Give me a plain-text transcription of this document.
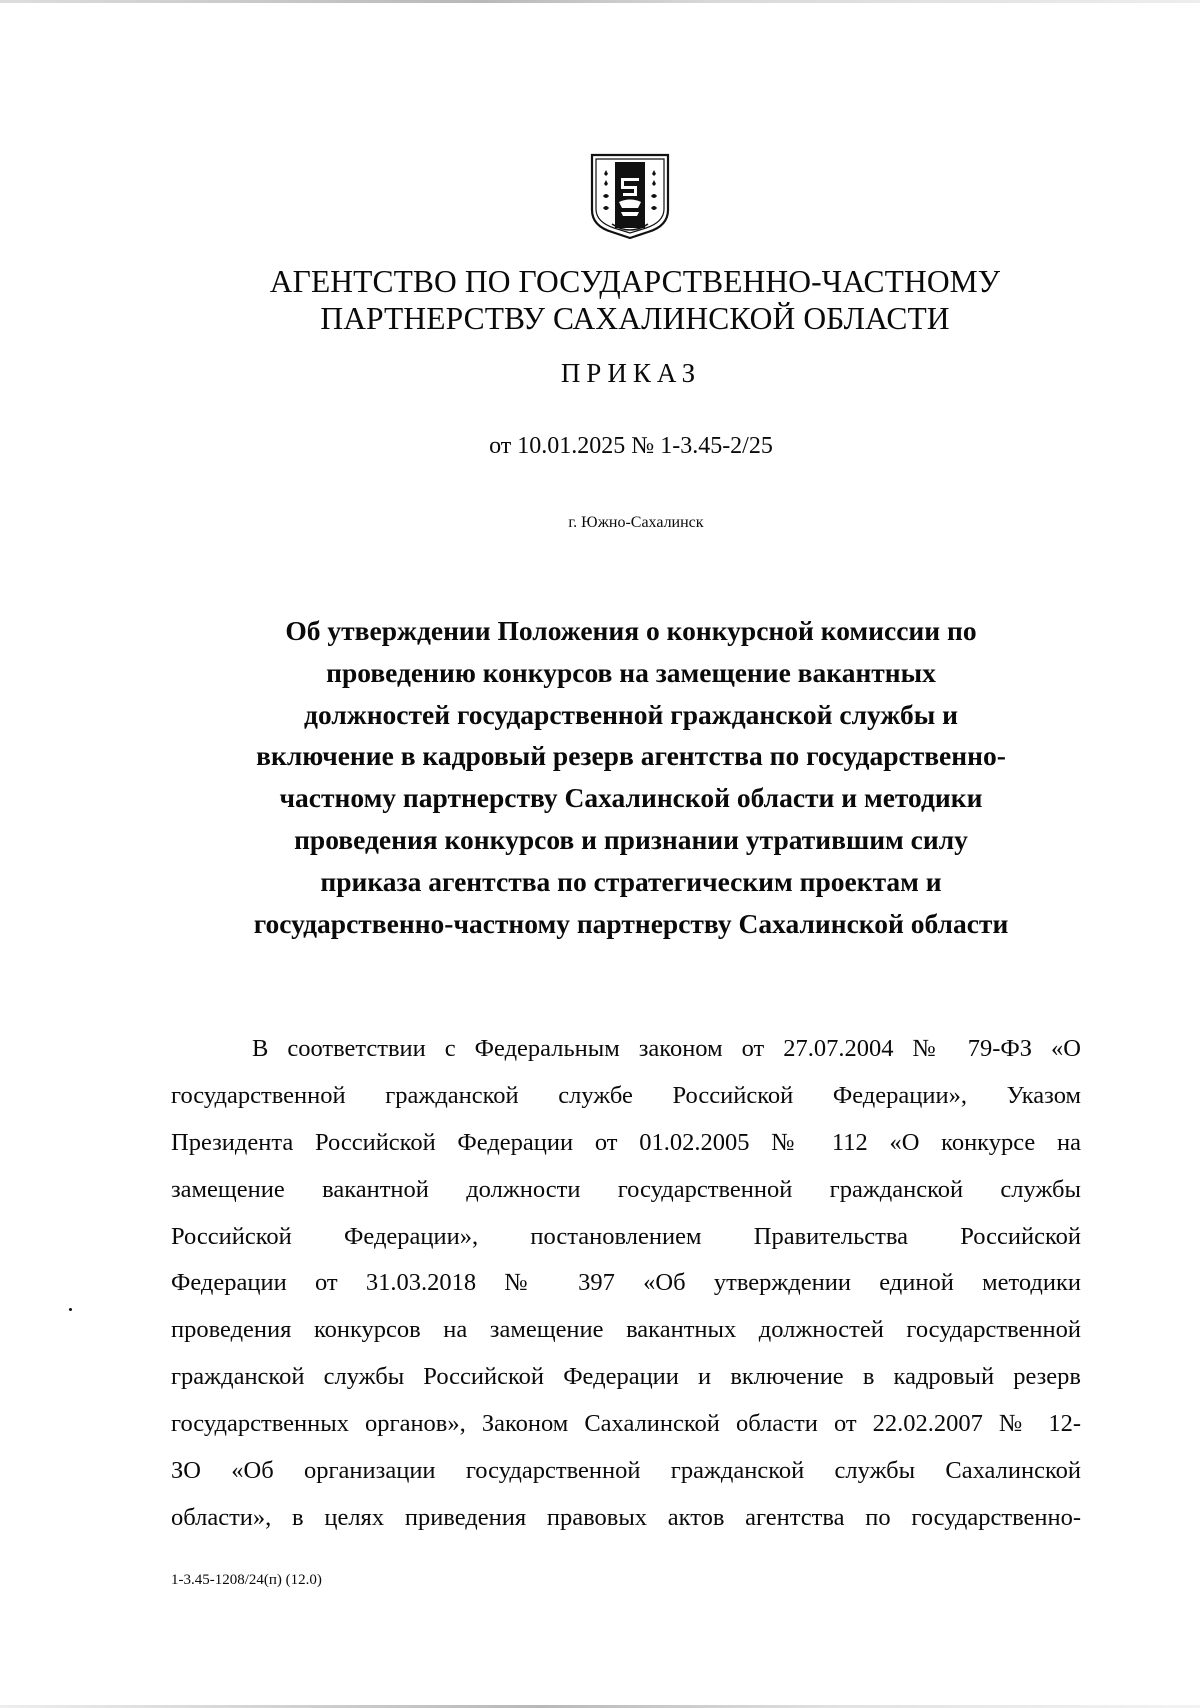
АГЕНТСТВО ПО ГОСУДАРСТВЕННО-ЧАСТНОМУ
ПАРТНЕРСТВУ САХАЛИНСКОЙ ОБЛАСТИ
ПРИКАЗ
от 10.01.2025 № 1-3.45-2/25
г. Южно-Сахалинск
Об утверждении Положения о конкурсной комиссии по
проведению конкурсов на замещение вакантных
должностей государственной гражданской службы и
включение в кадровый резерв агентства по государственно-
частному партнерству Сахалинской области и методики
проведения конкурсов и признании утратившим силу
приказа агентства по стратегическим проектам и
государственно-частному партнерству Сахалинской области
В соответствии с Федеральным законом от 27.07.2004 № 79-ФЗ «О
государственной гражданской службе Российской Федерации», Указом
Президента Российской Федерации от 01.02.2005 № 112 «О конкурсе на
замещение вакантной должности государственной гражданской службы
Российской Федерации», постановлением Правительства Российской
Федерации от 31.03.2018 № 397 «Об утверждении единой методики
проведения конкурсов на замещение вакантных должностей государственной
гражданской службы Российской Федерации и включение в кадровый резерв
государственных органов», Законом Сахалинской области от 22.02.2007 № 12-
ЗО «Об организации государственной гражданской службы Сахалинской
области», в целях приведения правовых актов агентства по государственно-
1-3.45-1208/24(п) (12.0)
